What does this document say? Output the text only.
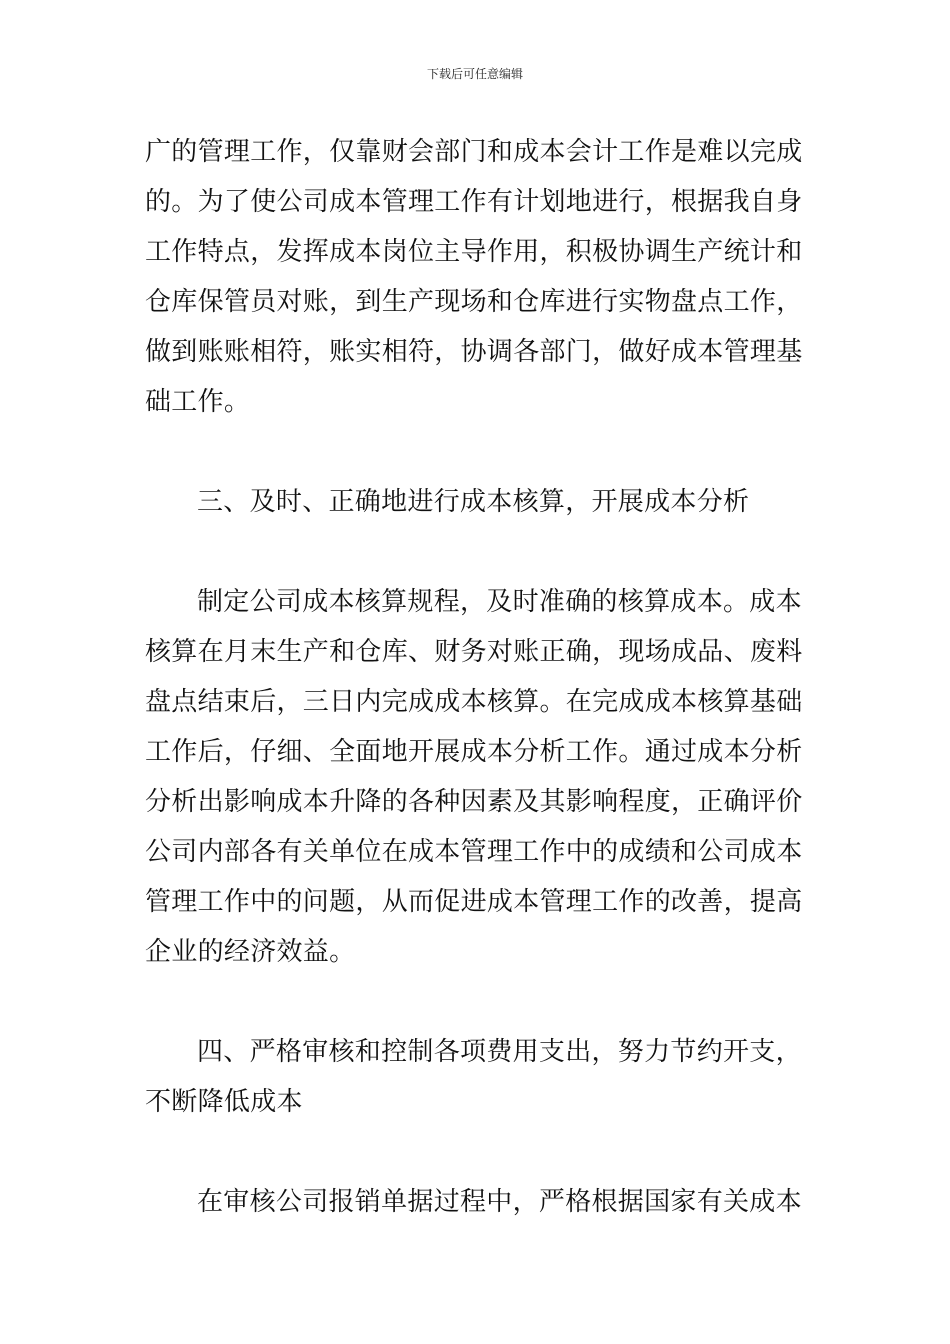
下载后可任意编辑
广的管理工作，仅靠财会部门和成本会计工作是难以完成
的。为了使公司成本管理工作有计划地进行，根据我自身
工作特点，发挥成本岗位主导作用，积极协调生产统计和
仓库保管员对账，到生产现场和仓库进行实物盘点工作，
做到账账相符，账实相符，协调各部门，做好成本管理基
础工作。
三、及时、正确地进行成本核算，开展成本分析
制定公司成本核算规程，及时准确的核算成本。成本
核算在月末生产和仓库、财务对账正确，现场成品、废料
盘点结束后，三日内完成成本核算。在完成成本核算基础
工作后，仔细、全面地开展成本分析工作。通过成本分析
分析出影响成本升降的各种因素及其影响程度，正确评价
公司内部各有关单位在成本管理工作中的成绩和公司成本
管理工作中的问题，从而促进成本管理工作的改善，提高
企业的经济效益。
四、严格审核和控制各项费用支出，努力节约开支，
不断降低成本
在审核公司报销单据过程中，严格根据国家有关成本
